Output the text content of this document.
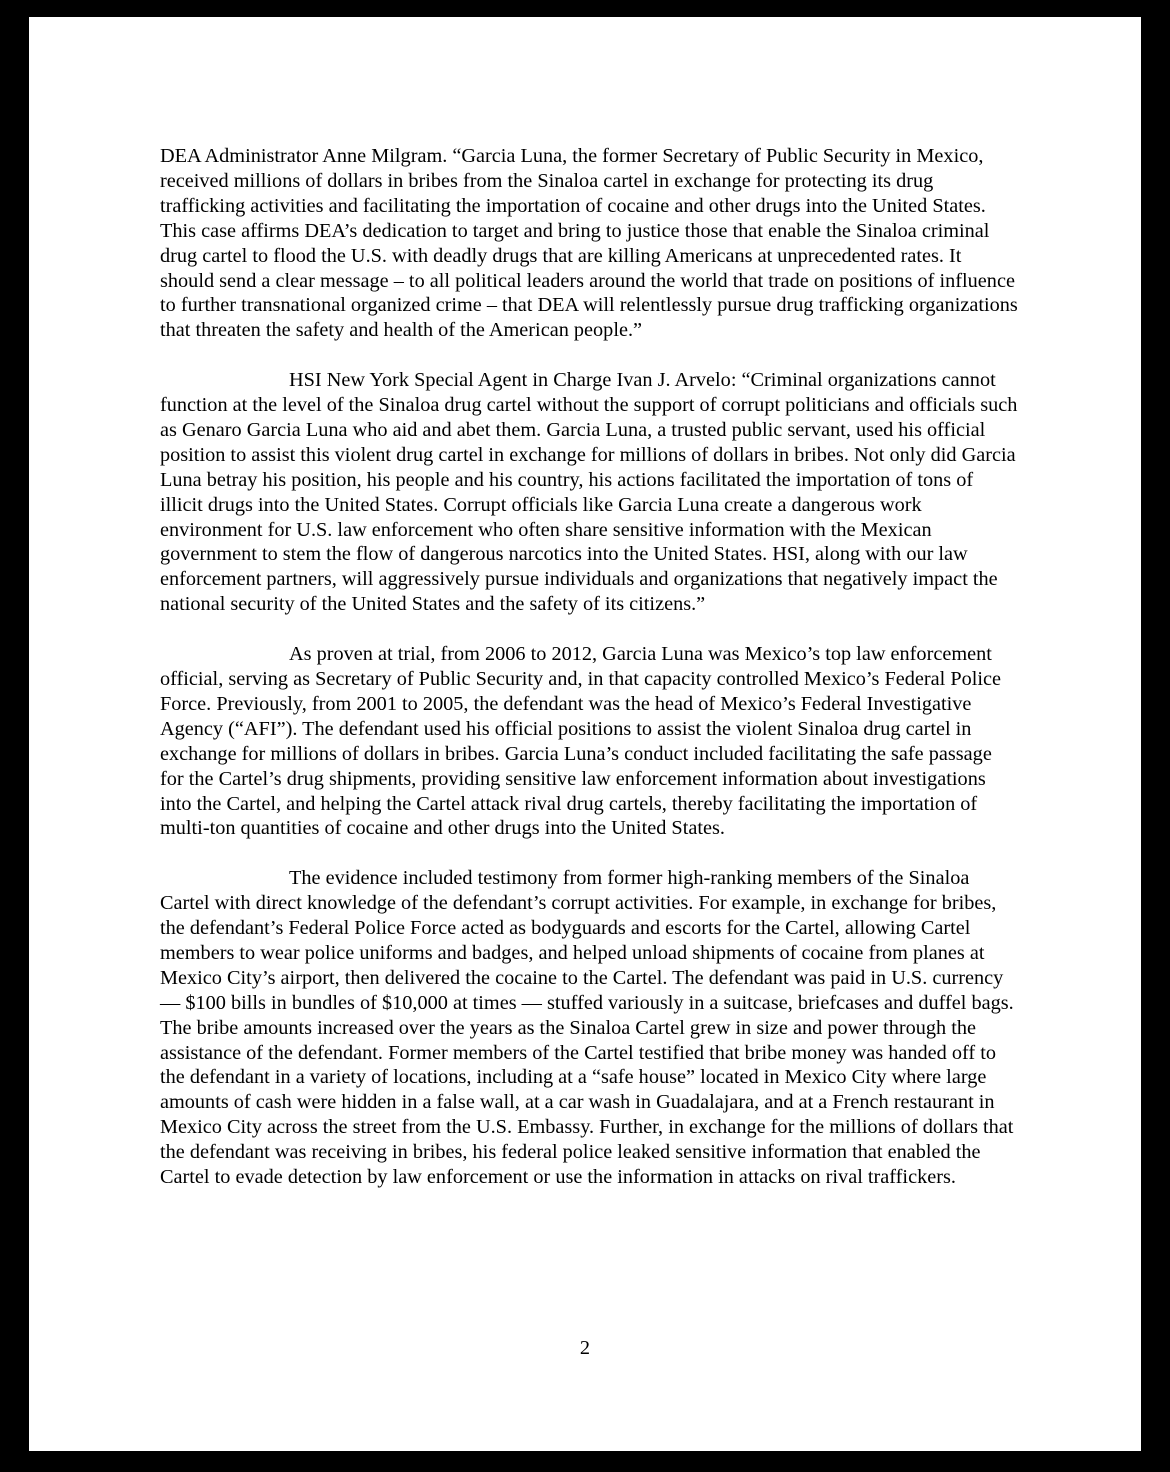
DEA Administrator Anne Milgram. “Garcia Luna, the former Secretary of Public Security in Mexico, received millions of dollars in bribes from the Sinaloa cartel in exchange for protecting its drug trafficking activities and facilitating the importation of cocaine and other drugs into the United States. This case affirms DEA’s dedication to target and bring to justice those that enable the Sinaloa criminal drug cartel to flood the U.S. with deadly drugs that are killing Americans at unprecedented rates. It should send a clear message – to all political leaders around the world that trade on positions of influence to further transnational organized crime – that DEA will relentlessly pursue drug trafficking organizations that threaten the safety and health of the American people.”

HSI New York Special Agent in Charge Ivan J. Arvelo: “Criminal organizations cannot function at the level of the Sinaloa drug cartel without the support of corrupt politicians and officials such as Genaro Garcia Luna who aid and abet them. Garcia Luna, a trusted public servant, used his official position to assist this violent drug cartel in exchange for millions of dollars in bribes. Not only did Garcia Luna betray his position, his people and his country, his actions facilitated the importation of tons of illicit drugs into the United States. Corrupt officials like Garcia Luna create a dangerous work environment for U.S. law enforcement who often share sensitive information with the Mexican government to stem the flow of dangerous narcotics into the United States. HSI, along with our law enforcement partners, will aggressively pursue individuals and organizations that negatively impact the national security of the United States and the safety of its citizens.”

As proven at trial, from 2006 to 2012, Garcia Luna was Mexico’s top law enforcement official, serving as Secretary of Public Security and, in that capacity controlled Mexico’s Federal Police Force. Previously, from 2001 to 2005, the defendant was the head of Mexico’s Federal Investigative Agency (“AFI”). The defendant used his official positions to assist the violent Sinaloa drug cartel in exchange for millions of dollars in bribes. Garcia Luna’s conduct included facilitating the safe passage for the Cartel’s drug shipments, providing sensitive law enforcement information about investigations into the Cartel, and helping the Cartel attack rival drug cartels, thereby facilitating the importation of multi-ton quantities of cocaine and other drugs into the United States.

The evidence included testimony from former high-ranking members of the Sinaloa Cartel with direct knowledge of the defendant’s corrupt activities. For example, in exchange for bribes, the defendant’s Federal Police Force acted as bodyguards and escorts for the Cartel, allowing Cartel members to wear police uniforms and badges, and helped unload shipments of cocaine from planes at Mexico City’s airport, then delivered the cocaine to the Cartel. The defendant was paid in U.S. currency — $100 bills in bundles of $10,000 at times — stuffed variously in a suitcase, briefcases and duffel bags. The bribe amounts increased over the years as the Sinaloa Cartel grew in size and power through the assistance of the defendant. Former members of the Cartel testified that bribe money was handed off to the defendant in a variety of locations, including at a “safe house” located in Mexico City where large amounts of cash were hidden in a false wall, at a car wash in Guadalajara, and at a French restaurant in Mexico City across the street from the U.S. Embassy. Further, in exchange for the millions of dollars that the defendant was receiving in bribes, his federal police leaked sensitive information that enabled the Cartel to evade detection by law enforcement or use the information in attacks on rival traffickers.

2
